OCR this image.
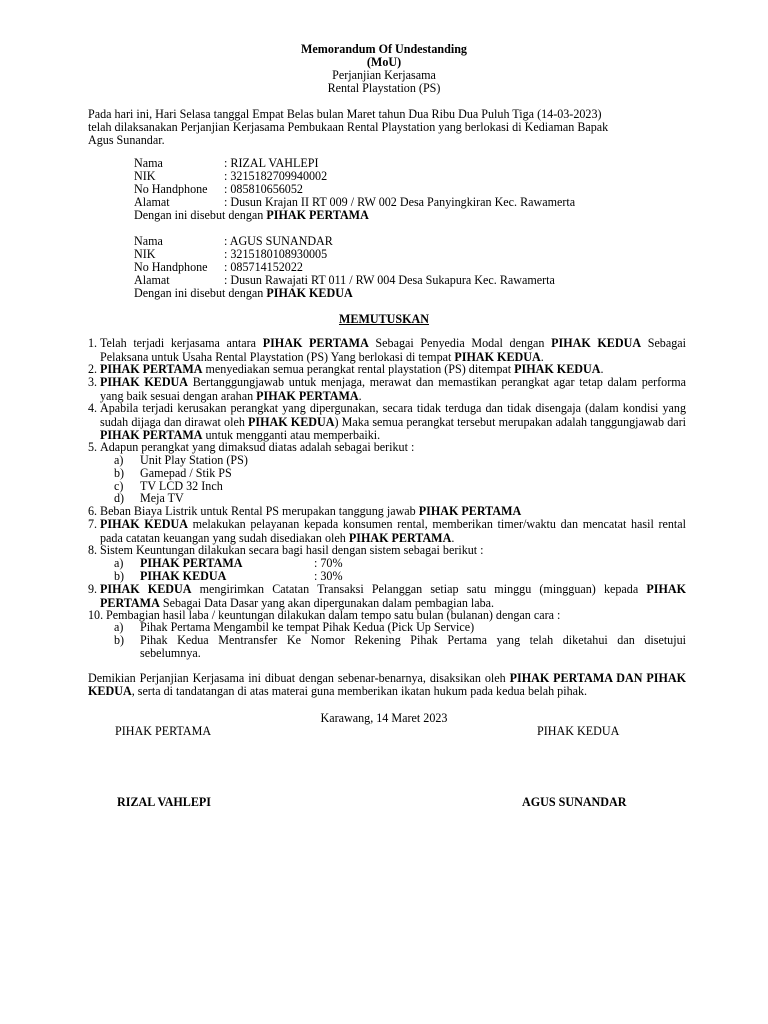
Memorandum Of Undestanding
(MoU)
Perjanjian Kerjasama
Rental Playstation (PS)
Pada hari ini, Hari Selasa tanggal Empat Belas bulan Maret tahun Dua Ribu Dua Puluh Tiga (14-03-2023)
telah dilaksanakan Perjanjian Kerjasama Pembukaan Rental Playstation yang berlokasi di Kediaman Bapak
Agus Sunandar.
Nama	: RIZAL VAHLEPI
NIK	: 3215182709940002
No Handphone : 085810656052
Alamat	: Dusun Krajan II RT 009 / RW 002 Desa Panyingkiran Kec. Rawamerta
Dengan ini disebut dengan PIHAK PERTAMA
Nama	: AGUS SUNANDAR
NIK	: 3215180108930005
No Handphone : 085714152022
Alamat	: Dusun Rawajati RT 011 / RW 004 Desa Sukapura Kec. Rawamerta
Dengan ini disebut dengan PIHAK KEDUA
MEMUTUSKAN
1. Telah terjadi kerjasama antara PIHAK PERTAMA Sebagai Penyedia Modal dengan PIHAK KEDUA Sebagai Pelaksana untuk Usaha Rental Playstation (PS) Yang berlokasi di tempat PIHAK KEDUA.
2. PIHAK PERTAMA menyediakan semua perangkat rental playstation (PS) ditempat PIHAK KEDUA.
3. PIHAK KEDUA Bertanggungjawab untuk menjaga, merawat dan memastikan perangkat agar tetap dalam performa yang baik sesuai dengan arahan PIHAK PERTAMA.
4. Apabila terjadi kerusakan perangkat yang dipergunakan, secara tidak terduga dan tidak disengaja (dalam kondisi yang sudah dijaga dan dirawat oleh PIHAK KEDUA) Maka semua perangkat tersebut merupakan adalah tanggungjawab dari PIHAK PERTAMA untuk mengganti atau memperbaiki.
5. Adapun perangkat yang dimaksud diatas adalah sebagai berikut :
a) Unit Play Station (PS)
b) Gamepad / Stik PS
c) TV LCD 32 Inch
d) Meja TV
6. Beban Biaya Listrik untuk Rental PS merupakan tanggung jawab PIHAK PERTAMA
7. PIHAK KEDUA melakukan pelayanan kepada konsumen rental, memberikan timer/waktu dan mencatat hasil rental pada catatan keuangan yang sudah disediakan oleh PIHAK PERTAMA.
8. Sistem Keuntungan dilakukan secara bagi hasil dengan sistem sebagai berikut :
a) PIHAK PERTAMA	: 70%
b) PIHAK KEDUA	: 30%
9. PIHAK KEDUA mengirimkan Catatan Transaksi Pelanggan setiap satu minggu (mingguan) kepada PIHAK PERTAMA Sebagai Data Dasar yang akan dipergunakan dalam pembagian laba.
10. Pembagian hasil laba / keuntungan dilakukan dalam tempo satu bulan (bulanan) dengan cara :
a) Pihak Pertama Mengambil ke tempat Pihak Kedua (Pick Up Service)
b) Pihak Kedua Mentransfer Ke Nomor Rekening Pihak Pertama yang telah diketahui dan disetujui
sebelumnya.
Demikian Perjanjian Kerjasama ini dibuat dengan sebenar-benarnya, disaksikan oleh PIHAK PERTAMA DAN PIHAK KEDUA, serta di tandatangan di atas materai guna memberikan ikatan hukum pada kedua belah pihak.
Karawang, 14 Maret 2023
PIHAK PERTAMA	PIHAK KEDUA
RIZAL VAHLEPI	AGUS SUNANDAR
